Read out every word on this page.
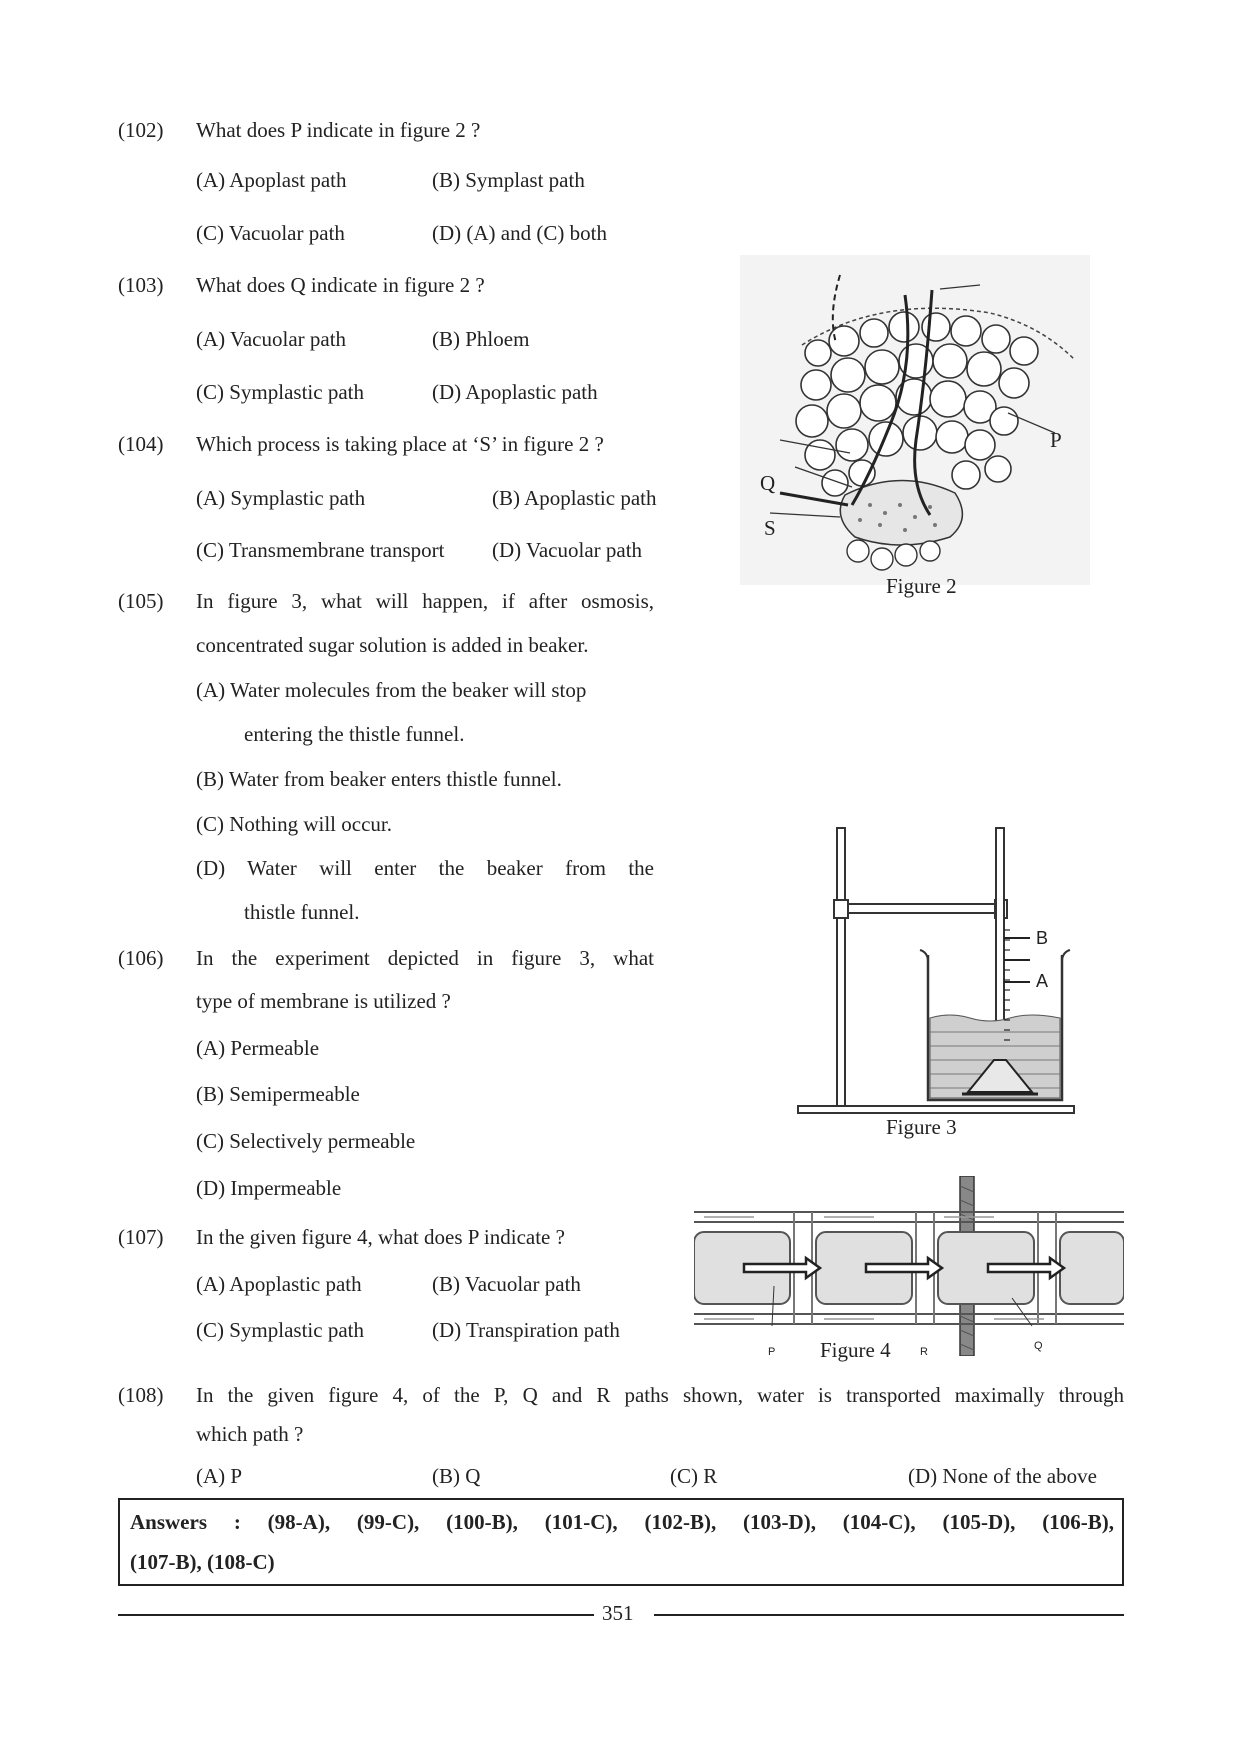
(102) What does P indicate in figure 2 ?
(A) Apoplast path	(B) Symplast path
(C) Vacuolar path	(D) (A) and (C) both
(103) What does Q indicate in figure 2 ?
(A) Vacuolar path	(B) Phloem
(C) Symplastic path	(D) Apoplastic path
(104) Which process is taking place at ‘S’ in figure 2 ?
(A) Symplastic path	(B) Apoplastic path
(C) Transmembrane transport (D) Vacuolar path
(105) In figure 3, what will happen, if after osmosis,
concentrated sugar solution is added in beaker.
(A) Water molecules from the beaker will stop
entering the thistle funnel.
(B) Water from beaker enters thistle funnel.
(C) Nothing will occur.
(D) Water will enter the beaker from the
thistle funnel.
(106) In the experiment depicted in figure 3, what
type of membrane is utilized ?
(A) Permeable
(B) Semipermeable
(C) Selectively permeable
(D) Impermeable
(107) In the given figure 4, what does P indicate ?
(A) Apoplastic path	(B) Vacuolar path
(C) Symplastic path	(D) Transpiration path
(108) In the given figure 4, of the P, Q and R paths shown, water is transported maximally through
which path ?
(A) P	(B) Q	(C) R	(D) None of the above
P
Q
S
Figure 2
B
A
Figure 3
P	R	Q
Figure 4
Answers : (98-A), (99-C), (100-B), (101-C), (102-B), (103-D), (104-C), (105-D), (106-B),
(107-B), (108-C)
351
